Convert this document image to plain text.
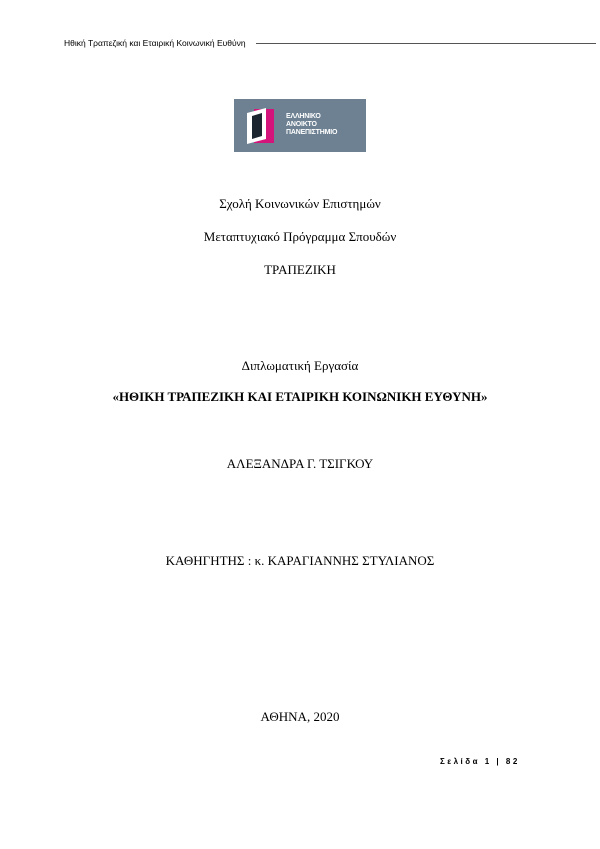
Ηθική Τραπεζική και Εταιρική Κοινωνική Ευθύνη
ΕΛΛΗΝΙΚΟ
ΑΝΟΙΚΤΟ
ΠΑΝΕΠΙΣΤΗΜΙΟ
Σχολή Κοινωνικών Επιστημών
Μεταπτυχιακό Πρόγραμμα Σπουδών
ΤΡΑΠΕΖΙΚΗ
Διπλωματική Εργασία
«ΗΘΙΚΗ ΤΡΑΠΕΖΙΚΗ ΚΑΙ ΕΤΑΙΡΙΚΗ ΚΟΙΝΩΝΙΚΗ ΕΥΘΥΝΗ»
ΑΛΕΞΑΝΔΡΑ Γ. ΤΣΙΓΚΟΥ
ΚΑΘΗΓΗΤΗΣ : κ. ΚΑΡΑΓΙΑΝΝΗΣ ΣΤΥΛΙΑΝΟΣ
ΑΘΗΝΑ, 2020
Σελίδα 1 | 82
